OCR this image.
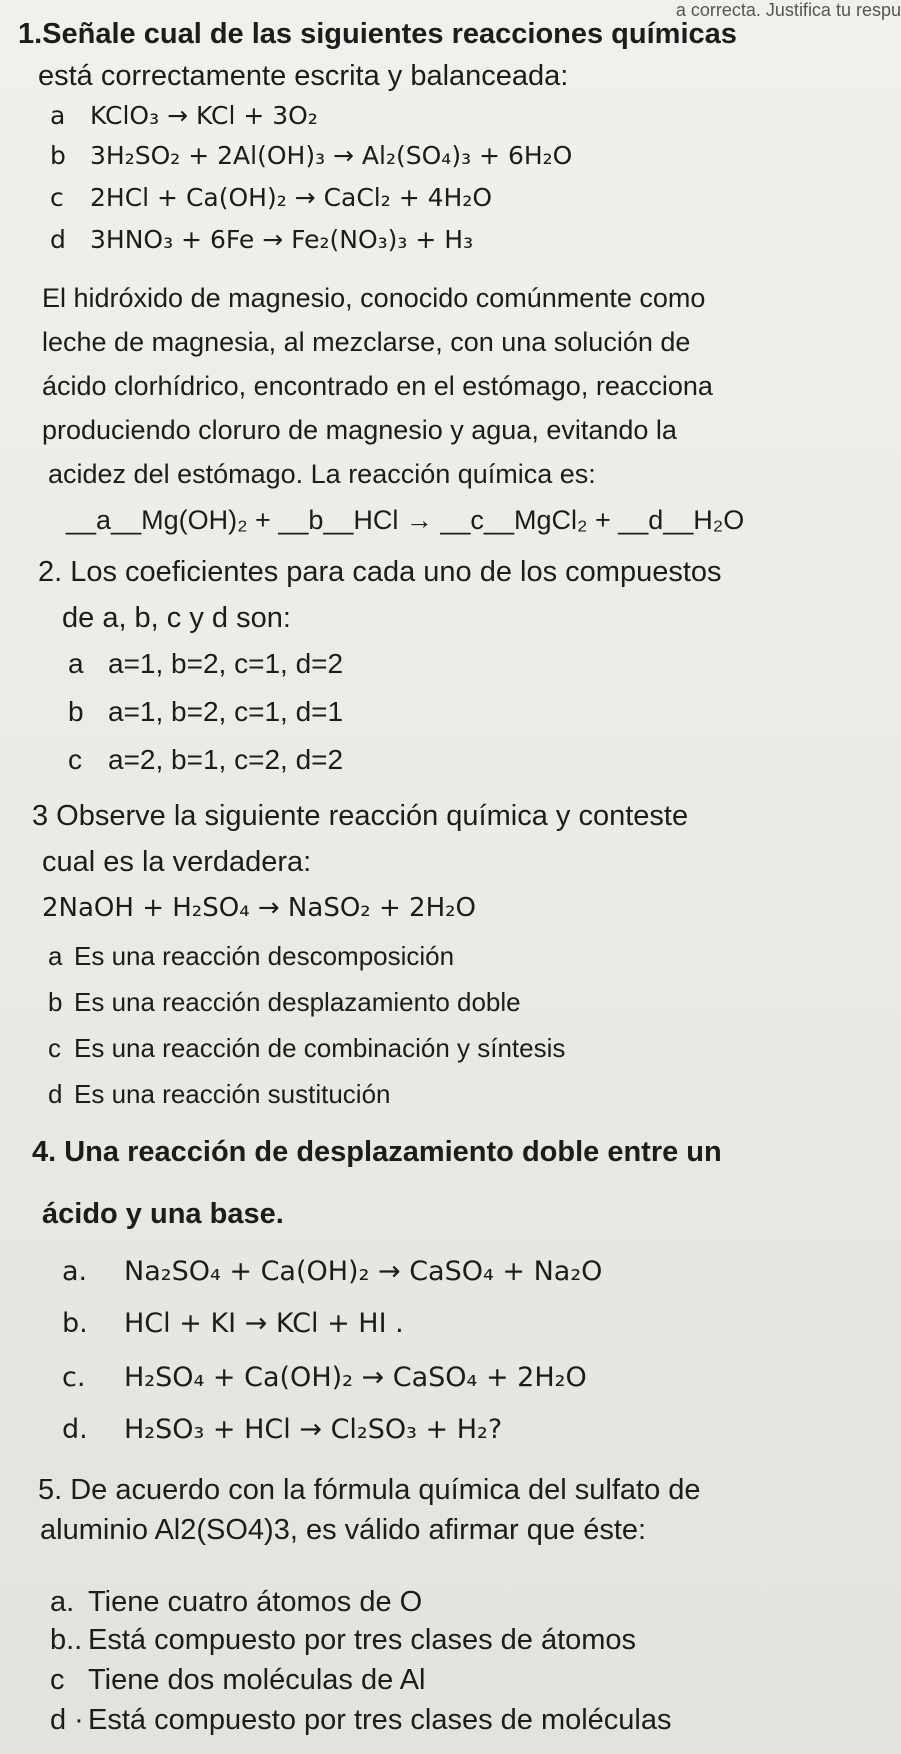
a correcta. Justifica tu respu
1.Señale cual de las siguientes reacciones químicas
está correctamente escrita y balanceada:
a KClO₃ → KCl + 3O₂
b 3H₂SO₂ + 2Al(OH)₃ → Al₂(SO₄)₃ + 6H₂O
c 2HCl + Ca(OH)₂ → CaCl₂ + 4H₂O
d 3HNO₃ + 6Fe → Fe₂(NO₃)₃ + H₃
El hidróxido de magnesio, conocido comúnmente como
leche de magnesia, al mezclarse, con una solución de
ácido clorhídrico, encontrado en el estómago, reacciona
produciendo cloruro de magnesio y agua, evitando la
acidez del estómago. La reacción química es:
__a__Mg(OH)₂ + __b__HCl → __c__MgCl₂ + __d__H₂O
2. Los coeficientes para cada uno de los compuestos
de a, b, c y d son:
a a=1, b=2, c=1, d=2
b a=1, b=2, c=1, d=1
c a=2, b=1, c=2, d=2
3 Observe la siguiente reacción química y conteste
cual es la verdadera:
2NaOH + H₂SO₄ → NaSO₂ + 2H₂O
a Es una reacción descomposición
b Es una reacción desplazamiento doble
c Es una reacción de combinación y síntesis
d Es una reacción sustitución
4. Una reacción de desplazamiento doble entre un
ácido y una base.
a. Na₂SO₄ + Ca(OH)₂ → CaSO₄ + Na₂O
b. HCl + KI → KCl + HI .
c. H₂SO₄ + Ca(OH)₂ → CaSO₄ + 2H₂O
d. H₂SO₃ + HCl → Cl₂SO₃ + H₂?
5. De acuerdo con la fórmula química del sulfato de
aluminio Al2(SO4)3, es válido afirmar que éste:
a. Tiene cuatro átomos de O
b.. Está compuesto por tres clases de átomos
c Tiene dos moléculas de Al
d · Está compuesto por tres clases de moléculas
